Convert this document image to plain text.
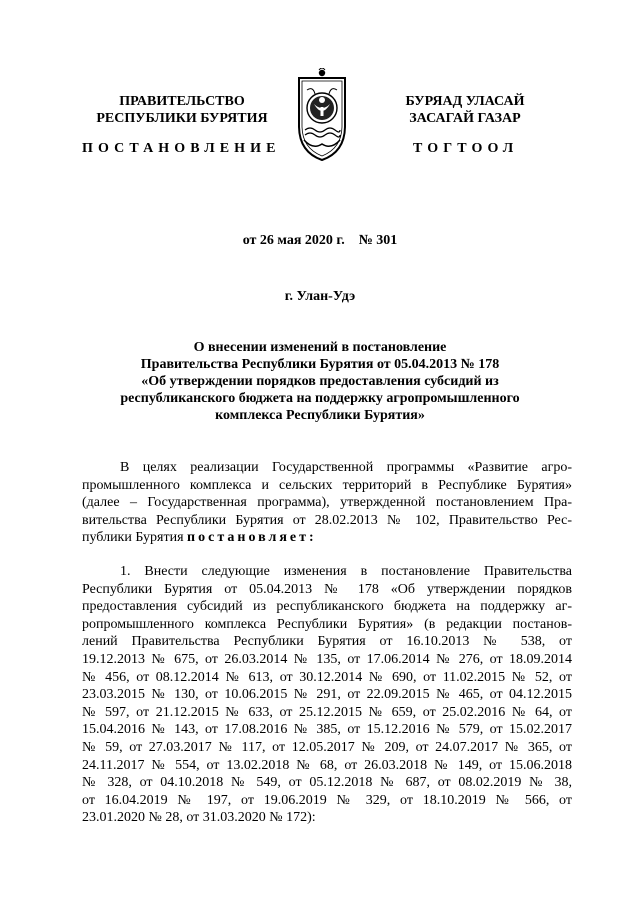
ПРАВИТЕЛЬСТВО
РЕСПУБЛИКИ БУРЯТИЯ
БУРЯАД УЛАСАЙ
ЗАСАГАЙ ГАЗАР
ПОСТАНОВЛЕНИЕ	ТОГТООЛ
от 26 мая 2020 г. № 301
г. Улан-Удэ
О внесении изменений в постановление
Правительства Республики Бурятия от 05.04.2013 № 178
«Об утверждении порядков предоставления субсидий из
республиканского бюджета на поддержку агропромышленного
комплекса Республики Бурятия»
В целях реализации Государственной программы «Развитие агро-
промышленного комплекса и сельских территорий в Республике Бурятия»
(далее – Государственная программа), утвержденной постановлением Пра-
вительства Республики Бурятия от 28.02.2013 № 102, Правительство Рес-
публики Бурятия постановляет:
1. Внести следующие изменения в постановление Правительства
Республики Бурятия от 05.04.2013 № 178 «Об утверждении порядков
предоставления субсидий из республиканского бюджета на поддержку аг-
ропромышленного комплекса Республики Бурятия» (в редакции постанов-
лений Правительства Республики Бурятия от 16.10.2013 № 538, от
19.12.2013 № 675, от 26.03.2014 № 135, от 17.06.2014 № 276, от 18.09.2014
№ 456, от 08.12.2014 № 613, от 30.12.2014 № 690, от 11.02.2015 № 52, от
23.03.2015 № 130, от 10.06.2015 № 291, от 22.09.2015 № 465, от 04.12.2015
№ 597, от 21.12.2015 № 633, от 25.12.2015 № 659, от 25.02.2016 № 64, от
15.04.2016 № 143, от 17.08.2016 № 385, от 15.12.2016 № 579, от 15.02.2017
№ 59, от 27.03.2017 № 117, от 12.05.2017 № 209, от 24.07.2017 № 365, от
24.11.2017 № 554, от 13.02.2018 № 68, от 26.03.2018 № 149, от 15.06.2018
№ 328, от 04.10.2018 № 549, от 05.12.2018 № 687, от 08.02.2019 № 38,
от 16.04.2019 № 197, от 19.06.2019 № 329, от 18.10.2019 № 566, от
23.01.2020 № 28, от 31.03.2020 № 172):
